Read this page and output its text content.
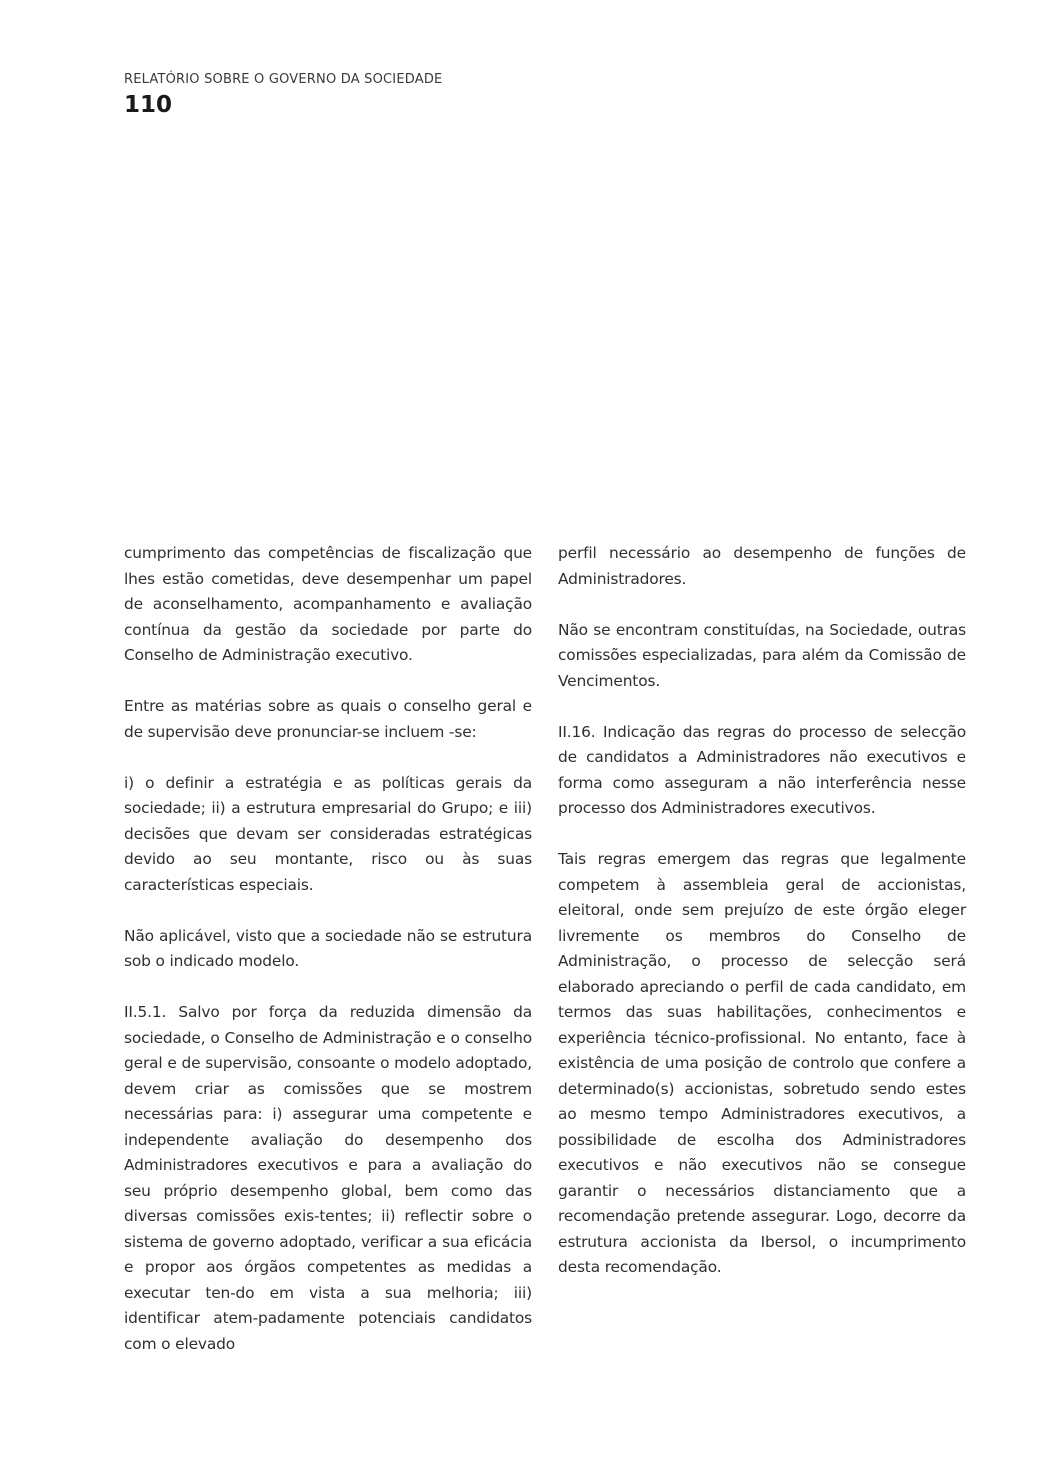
RELATÓRIO SOBRE O GOVERNO DA SOCIEDADE
110

cumprimento das competências de fiscalização que lhes estão cometidas, deve desempenhar um papel de aconselhamento, acompanhamento e avaliação contínua da gestão da sociedade por parte do Conselho de Administração executivo.

Entre as matérias sobre as quais o conselho geral e de supervisão deve pronunciar-se incluem -se:

i) o definir a estratégia e as políticas gerais da sociedade; ii) a estrutura empresarial do Grupo; e iii) decisões que devam ser consideradas estratégicas devido ao seu montante, risco ou às suas características especiais.

Não aplicável, visto que a sociedade não se estrutura sob o indicado modelo.

II.5.1. Salvo por força da reduzida dimensão da sociedade, o Conselho de Administração e o conselho geral e de supervisão, consoante o modelo adoptado, devem criar as comissões que se mostrem necessárias para: i) assegurar uma competente e independente avaliação do desempenho dos Administradores executivos e para a avaliação do seu próprio desempenho global, bem como das diversas comissões exis-tentes; ii) reflectir sobre o sistema de governo adoptado, verificar a sua eficácia e propor aos órgãos competentes as medidas a executar ten-do em vista a sua melhoria; iii) identificar atem-padamente potenciais candidatos com o elevado

perfil necessário ao desempenho de funções de Administradores.

Não se encontram constituídas, na Sociedade, outras comissões especializadas, para além da Comissão de Vencimentos.

II.16. Indicação das regras do processo de selecção de candidatos a Administradores não executivos e forma como asseguram a não interferência nesse processo dos Administradores executivos.

Tais regras emergem das regras que legalmente competem à assembleia geral de accionistas, eleitoral, onde sem prejuízo de este órgão eleger livremente os membros do Conselho de Administração, o processo de selecção será elaborado apreciando o perfil de cada candidato, em termos das suas habilitações, conhecimentos e experiência técnico-profissional. No entanto, face à existência de uma posição de controlo que confere a determinado(s) accionistas, sobretudo sendo estes ao mesmo tempo Administradores executivos, a possibilidade de escolha dos Administradores executivos e não executivos não se consegue garantir o necessários distanciamento que a recomendação pretende assegurar. Logo, decorre da estrutura accionista da Ibersol, o incumprimento desta recomendação.
